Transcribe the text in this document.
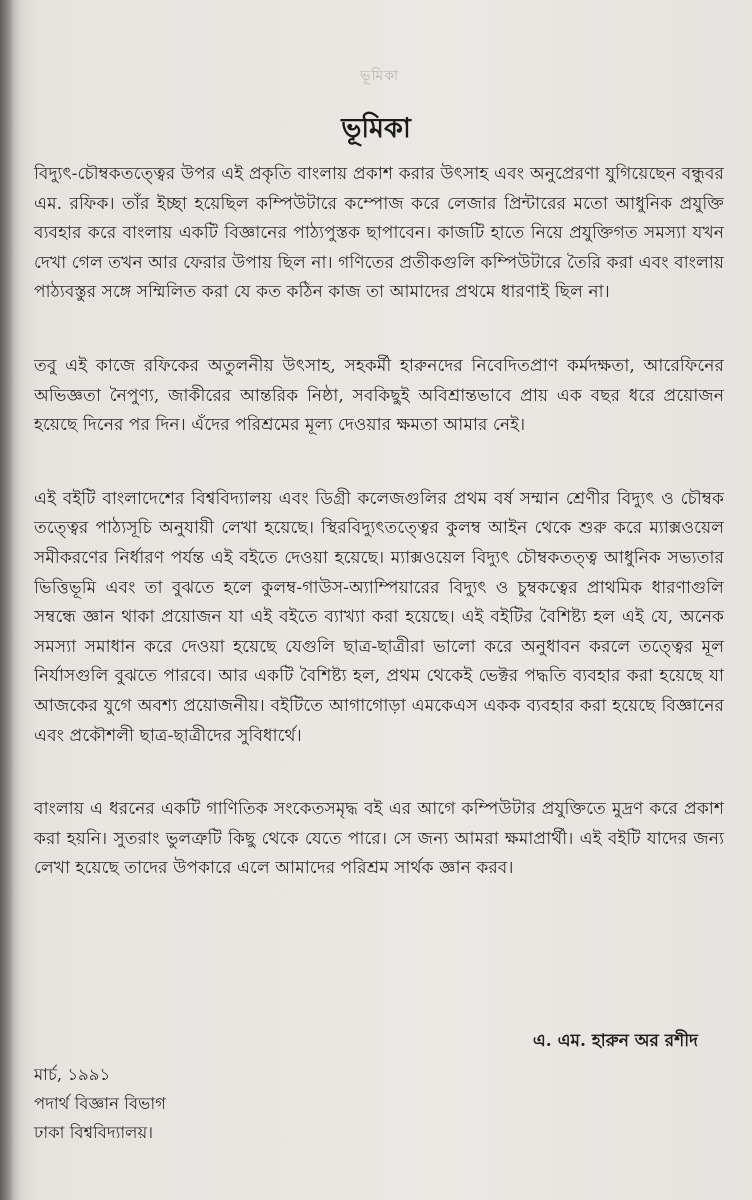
ভূমিকা
ভূমিকা

বিদ্যুৎ-চৌম্বকতত্ত্বের উপর এই প্রকৃতি বাংলায় প্রকাশ করার উৎসাহ এবং অনুপ্রেরণা যুগিয়েছেন বন্ধুবর এম. রফিক। তাঁর ইচ্ছা হয়েছিল কম্পিউটারে কম্পোজ করে লেজার প্রিন্টারের মতো আধুনিক প্রযুক্তি ব্যবহার করে বাংলায় একটি বিজ্ঞানের পাঠ্যপুস্তক ছাপাবেন। কাজটি হাতে নিয়ে প্রযুক্তিগত সমস্যা যখন দেখা গেল তখন আর ফেরার উপায় ছিল না। গণিতের প্রতীকগুলি কম্পিউটারে তৈরি করা এবং বাংলায় পাঠ্যবস্তুর সঙ্গে সম্মিলিত করা যে কত কঠিন কাজ তা আমাদের প্রথমে ধারণাই ছিল না।

তবু এই কাজে রফিকের অতুলনীয় উৎসাহ, সহকর্মী হারুনদের নিবেদিতপ্রাণ কর্মদক্ষতা, আরেফিনের অভিজ্ঞতা নৈপুণ্য, জাকীরের আন্তরিক নিষ্ঠা, সবকিছুই অবিশ্রান্তভাবে প্রায় এক বছর ধরে প্রয়োজন হয়েছে দিনের পর দিন। এঁদের পরিশ্রমের মূল্য দেওয়ার ক্ষমতা আমার নেই।

এই বইটি বাংলাদেশের বিশ্ববিদ্যালয় এবং ডিগ্রী কলেজগুলির প্রথম বর্ষ সম্মান শ্রেণীর বিদ্যুৎ ও চৌম্বক তত্ত্বের পাঠ্যসূচি অনুযায়ী লেখা হয়েছে। স্থিরবিদ্যুৎতত্ত্বের কুলম্ব আইন থেকে শুরু করে ম্যাক্সওয়েল সমীকরণের নির্ধারণ পর্যন্ত এই বইতে দেওয়া হয়েছে। ম্যাক্সওয়েল বিদ্যুৎ চৌম্বকতত্ত্ব আধুনিক সভ্যতার ভিত্তিভূমি এবং তা বুঝতে হলে কুলম্ব-গাউস-অ্যাম্পিয়ারের বিদ্যুৎ ও চুম্বকত্বের প্রাথমিক ধারণাগুলি সম্বন্ধে জ্ঞান থাকা প্রয়োজন যা এই বইতে ব্যাখ্যা করা হয়েছে। এই বইটির বৈশিষ্ট্য হল এই যে, অনেক সমস্যা সমাধান করে দেওয়া হয়েছে যেগুলি ছাত্র-ছাত্রীরা ভালো করে অনুধাবন করলে তত্ত্বের মূল নির্যাসগুলি বুঝতে পারবে। আর একটি বৈশিষ্ট্য হল, প্রথম থেকেই ভেক্টর পদ্ধতি ব্যবহার করা হয়েছে যা আজকের যুগে অবশ্য প্রয়োজনীয়। বইটিতে আগাগোড়া এমকেএস একক ব্যবহার করা হয়েছে বিজ্ঞানের এবং প্রকৌশলী ছাত্র-ছাত্রীদের সুবিধার্থে।

বাংলায় এ ধরনের একটি গাণিতিক সংকেতসমৃদ্ধ বই এর আগে কম্পিউটার প্রযুক্তিতে মুদ্রণ করে প্রকাশ করা হয়নি। সুতরাং ভুলত্রুটি কিছু থেকে যেতে পারে। সে জন্য আমরা ক্ষমাপ্রার্থী। এই বইটি যাদের জন্য লেখা হয়েছে তাদের উপকারে এলে আমাদের পরিশ্রম সার্থক জ্ঞান করব।

এ. এম. হারুন অর রশীদ
মার্চ, ১৯৯১
পদার্থ বিজ্ঞান বিভাগ
ঢাকা বিশ্ববিদ্যালয়।
